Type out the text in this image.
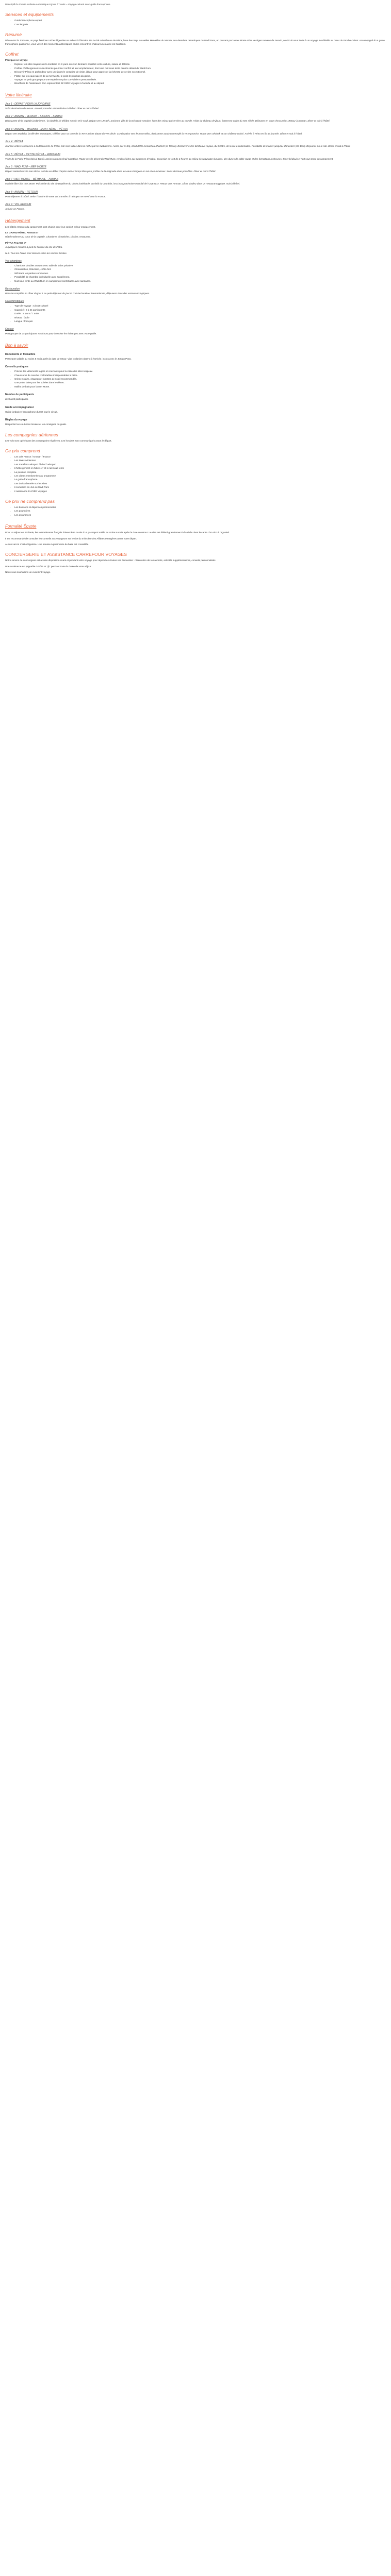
Descriptif du Circuit Jordanie Authentique 8 jours / 7 nuits – Voyage culturel avec guide francophone

Services et équipements
• Guide francophone expert
• Conciergerie
Résumé

Découvrez la Jordanie, un pays fascinant où les légendes se mêlent à l'histoire. De la cité nabatéenne de Pétra, l'une des Sept Nouvelles Merveilles du Monde, aux étendues désertiques du Wadi Rum, en passant par la mer Morte et les vestiges romains de Jerash, ce circuit vous invite à un voyage inoubliable au cœur du Proche-Orient. Accompagné d'un guide francophone passionné, vous vivrez des moments authentiques et des rencontres chaleureuses avec les habitants.

Coffret
Pourquoi ce voyage
• Explorer les sites majeurs de la Jordanie en 8 jours avec un itinéraire équilibré entre culture, nature et détente.
• Profiter d'hébergements sélectionnés pour leur confort et leur emplacement, dont une nuit sous tente dans le désert du Wadi Rum.
• Découvrir Pétra en profondeur avec une journée complète de visite, idéale pour apprécier la richesse de ce site exceptionnel.
• Flotter sur les eaux salées de la mer Morte, le point le plus bas du globe.
• Voyager en petit groupe pour une expérience plus conviviale et personnalisée.
• Bénéficier de l'assistance d'un représentant ELYSÉE Voyages à l'arrivée et au départ.
Votre itinéraire
Jour 1 : DÉPART POUR LA JORDANIE

Vol à destination d'Amman. Accueil, transfert et installation à l'hôtel. Dîner et nuit à l'hôtel.

Jour 2 : AMMAN – JERASH – AJLOUN – AMMAN

Découverte de la capitale jordanienne : la citadelle, le théâtre romain et le souk. Départ vers Jerash, ancienne ville de la Décapole romaine, l'une des mieux préservées au monde. Visite du château d'Ajloun, forteresse arabe du XIIe siècle. Déjeuner en cours d'excursion. Retour à Amman. Dîner et nuit à l'hôtel.

Jour 3 : AMMAN – MADABA – MONT NÉBO – PÉTRA

Départ vers Madaba, la ville des mosaïques, célèbre pour sa carte de la Terre Sainte datant du VIe siècle. Continuation vers le mont Nébo, d'où Moïse aurait contemplé la Terre promise. Route vers Shobak et son château croisé. Arrivée à Pétra en fin de journée. Dîner et nuit à l'hôtel.

Jour 4 : PÉTRA

Journée entière consacrée à la découverte de Pétra, cité rose taillée dans la roche par les Nabatéens. Accès par le Sîq, étroit défilé menant au Khazneh (le Trésor). Découverte des tombeaux royaux, du théâtre, de la rue à colonnades. Possibilité de monter jusqu'au Monastère (Ed-Deir). Déjeuner sur le site. Dîner et nuit à l'hôtel.

Jour 5 : PÉTRA – PETITE PÉTRA – WADI RUM

Visite de la Petite Pétra (Siq al-Barid), ancien caravansérail nabatéen. Route vers le désert du Wadi Rum, rendu célèbre par Lawrence d'Arabie. Excursion en 4x4 de 2 heures au milieu des paysages lunaires, des dunes de sable rouge et des formations rocheuses. Dîner bédouin et nuit sous tente au campement.

Jour 6 : WADI RUM – MER MORTE

Départ matinal vers la mer Morte. Arrivée en début d'après-midi et temps libre pour profiter de la baignade dans les eaux chargées en sel et en minéraux. Soins de boue possibles. Dîner et nuit à l'hôtel.

Jour 7 : MER MORTE – BÉTHANIE – AMMAN

Matinée libre à la mer Morte. Puis visite du site du Baptême du Christ à Béthanie, au-delà du Jourdain, inscrit au patrimoine mondial de l'UNESCO. Retour vers Amman. Dîner d'adieu dans un restaurant typique. Nuit à l'hôtel.

Jour 8 : AMMAN – RETOUR

Petit-déjeuner à l'hôtel. Selon l'horaire de votre vol, transfert à l'aéroport et envol pour la France.

Jour 9 : VOL RETOUR

Arrivée en France.

Hébergement

Les hôtels et tentes du campement sont choisis pour leur confort et leur emplacement.

LE GRAND HÔTEL Amman 4*

Hôtel moderne au cœur de la capitale. Chambres climatisées, piscine, restaurant.

PÉTRA PALACE 4*

À quelques minutes à pied de l'entrée du site de Pétra.

N.B. Tous les hôtels sont classés selon les normes locales.

Vos chambres
• Chambres doubles ou twin avec salle de bains privative.
• Climatisation, télévision, coffre-fort.
• Wifi dans les parties communes.
• Possibilité de chambre individuelle avec supplément.
• Nuit sous tente au Wadi Rum en campement confortable avec sanitaires.
Restauration

Pension complète du dîner du jour 1 au petit-déjeuner du jour 8. Cuisine locale et internationale, déjeuners dans des restaurants typiques.

Caractéristiques
• Type de voyage : Circuit culturel
• Capacité : 8 à 24 participants
• Durée : 8 jours / 7 nuits
• Niveau : facile
• Langue : français
Groupe

Petit groupe de 24 participants maximum pour favoriser les échanges avec votre guide.

Bon à savoir
Documents et formalités

Passeport valable au moins 6 mois après la date de retour. Visa jordanien obtenu à l'arrivée, inclus avec le Jordan Pass.

Conseils pratiques
• Prévoir des vêtements légers et couvrants pour la visite des sites religieux.
• Chaussures de marche confortables indispensables à Pétra.
• Crème solaire, chapeau et lunettes de soleil recommandés.
• Une petite laine pour les soirées dans le désert.
• Maillot de bain pour la mer Morte.
Nombre de participants

de 8 à 24 participants.

Guide accompagnateur

Guide jordanien francophone durant tout le circuit.

Règles du voyage

Respecter les coutumes locales et les consignes du guide.

Les compagnies aériennes

Les vols sont opérés par des compagnies régulières. Les horaires sont communiqués avant le départ.

Ce prix comprend
• Les vols France / Amman / France
• Les taxes aériennes
• Les transferts aéroport / hôtel / aéroport
• L'hébergement en hôtels 4* et 1 nuit sous tente
• La pension complète
• Les visites mentionnées au programme
• Le guide francophone
• Les droits d'entrée sur les sites
• L'excursion en 4x4 au Wadi Rum
• L'assistance ELYSÉE Voyages
Ce prix ne comprend pas
• Les boissons et dépenses personnelles
• Les pourboires
• Les assurances
Formalité Égypte

Pour un séjour en Jordanie, les ressortissants français doivent être munis d'un passeport valide au moins 6 mois après la date de retour. Le visa est délivré gratuitement à l'arrivée dans le cadre d'un circuit organisé.

Il est recommandé de consulter les conseils aux voyageurs sur le site du ministère des Affaires étrangères avant votre départ.

Aucun vaccin n'est obligatoire. Une trousse à pharmacie de base est conseillée.

CONCIERGERIE ET ASSISTANCE CARREFOUR VOYAGES

Notre service de conciergerie est à votre disposition avant et pendant votre voyage pour répondre à toutes vos demandes : réservation de restaurants, activités supplémentaires, conseils personnalisés.

Une assistance est joignable 24h/24 et 7j/7 pendant toute la durée de votre séjour.

Nous vous souhaitons un excellent voyage.
